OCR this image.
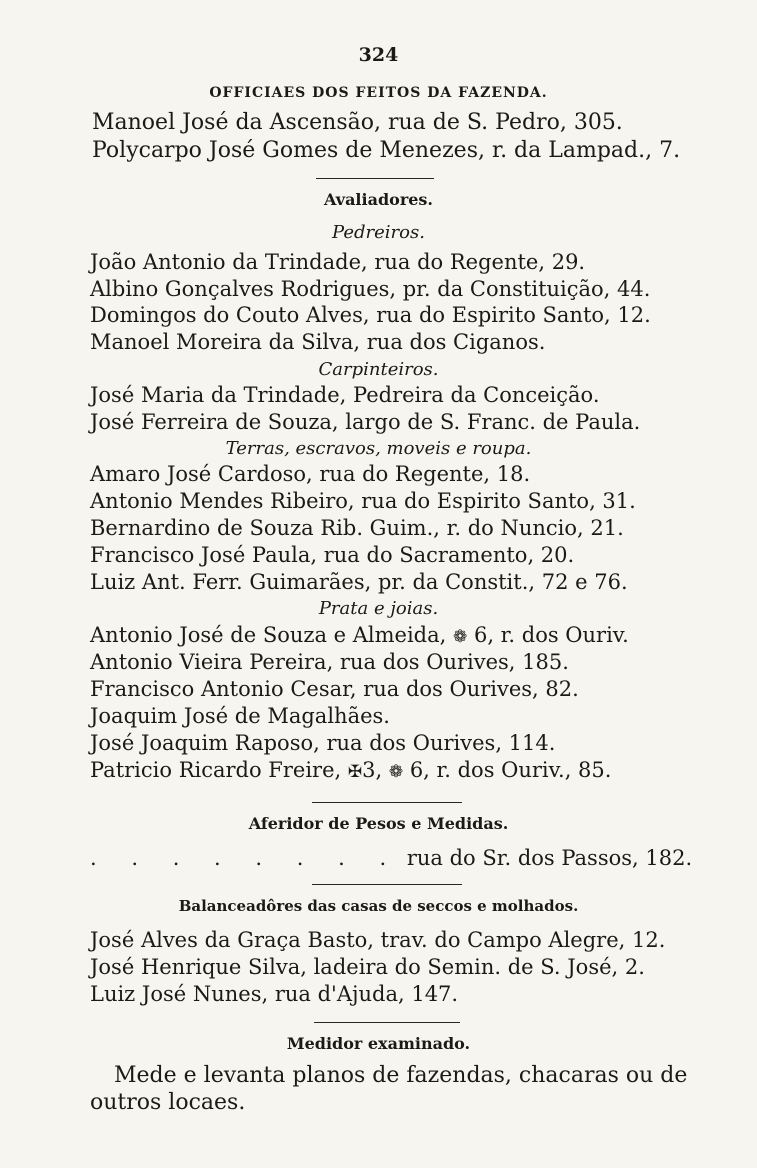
324

OFFICIAES DOS FEITOS DA FAZENDA.

Manoel José da Ascensão, rua de S. Pedro, 305.

Polycarpo José Gomes de Menezes, r. da Lampad., 7.

Avaliadores.

Pedreiros.

João Antonio da Trindade, rua do Regente, 29.

Albino Gonçalves Rodrigues, pr. da Constituição, 44.

Domingos do Couto Alves, rua do Espirito Santo, 12.

Manoel Moreira da Silva, rua dos Ciganos.

Carpinteiros.

José Maria da Trindade, Pedreira da Conceição.

José Ferreira de Souza, largo de S. Franc. de Paula.

Terras, escravos, moveis e roupa.

Amaro José Cardoso, rua do Regente, 18.

Antonio Mendes Ribeiro, rua do Espirito Santo, 31.

Bernardino de Souza Rib. Guim., r. do Nuncio, 21.

Francisco José Paula, rua do Sacramento, 20.

Luiz Ant. Ferr. Guimarães, pr. da Constit., 72 e 76.

Prata e joias.

Antonio José de Souza e Almeida, ❁ 6, r. dos Ouriv.

Antonio Vieira Pereira, rua dos Ourives, 185.

Francisco Antonio Cesar, rua dos Ourives, 82.

Joaquim José de Magalhães.

José Joaquim Raposo, rua dos Ourives, 114.

Patricio Ricardo Freire, ✠3, ❁ 6, r. dos Ouriv., 85.

Aferidor de Pesos e Medidas.

. . . . . . . . rua do Sr. dos Passos, 182.

Balanceadôres das casas de seccos e molhados.

José Alves da Graça Basto, trav. do Campo Alegre, 12.

José Henrique Silva, ladeira do Semin. de S. José, 2.

Luiz José Nunes, rua d'Ajuda, 147.

Medidor examinado.

Mede e levanta planos de fazendas, chacaras ou de

outros locaes.
